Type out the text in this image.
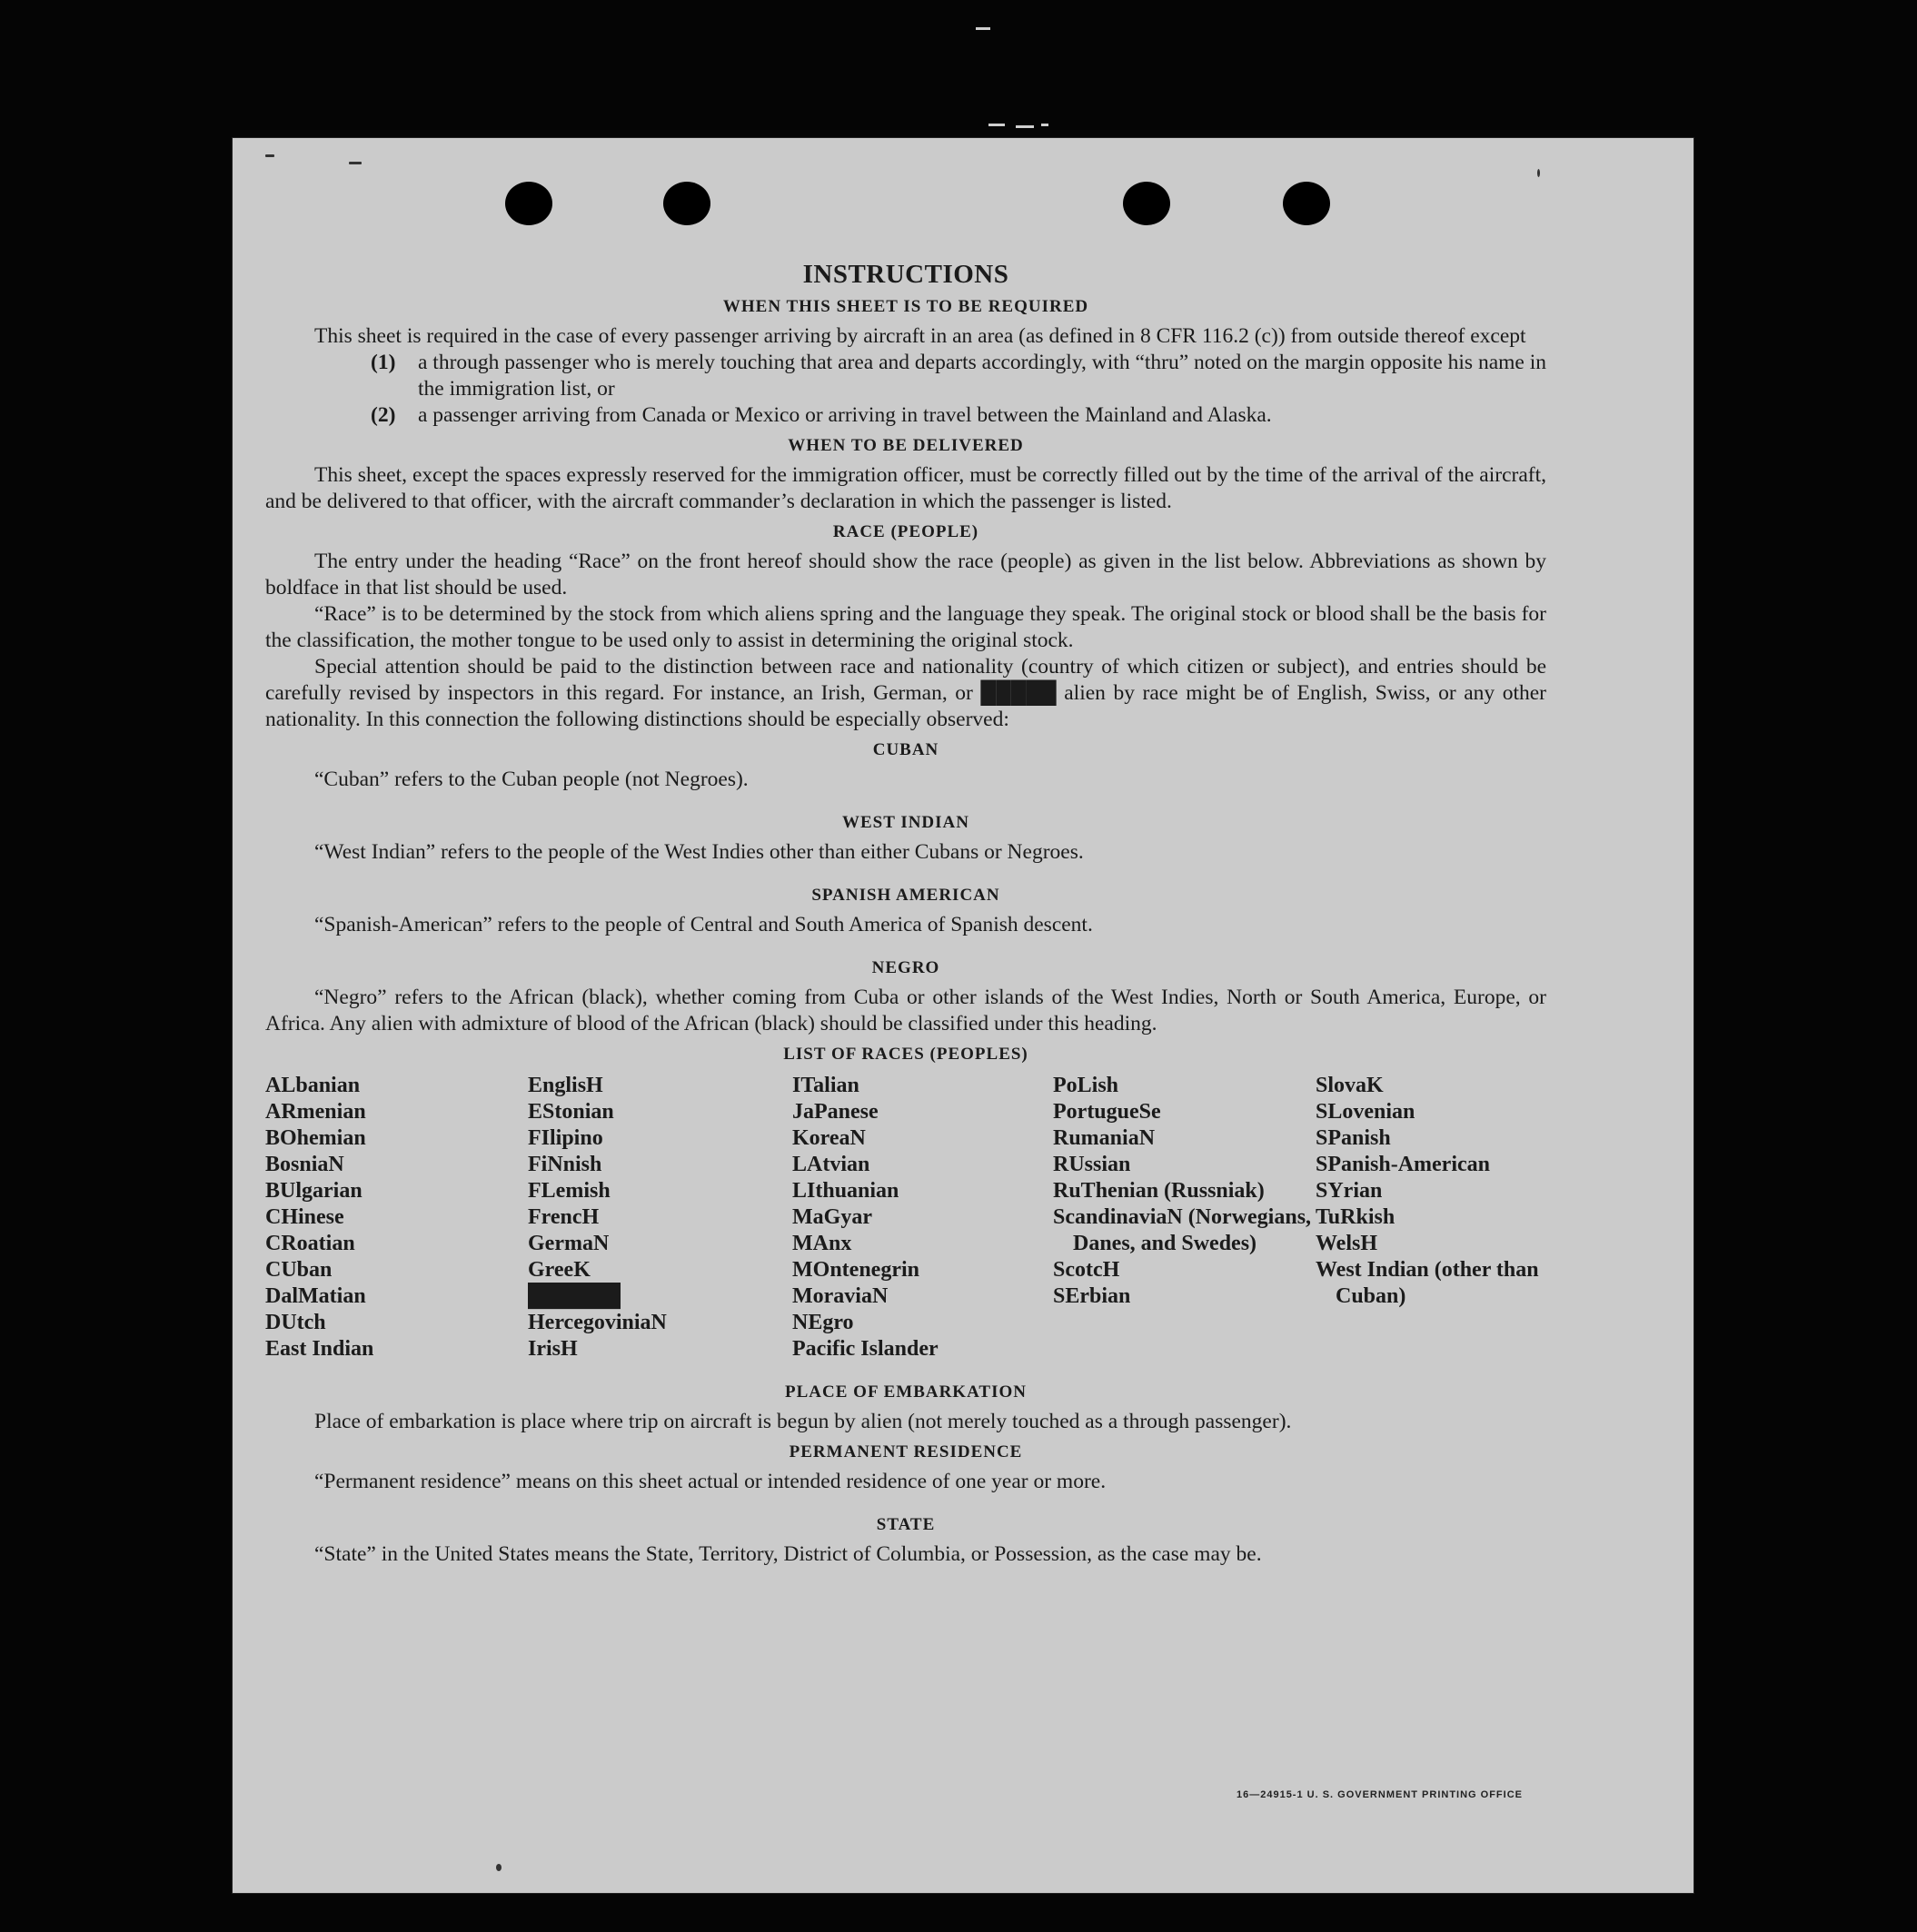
INSTRUCTIONS
WHEN THIS SHEET IS TO BE REQUIRED

This sheet is required in the case of every passenger arriving by aircraft in an area (as defined in 8 CFR 116.2 (c)) from outside thereof except

(1)	a through passenger who is merely touching that area and departs accordingly, with “thru” noted on the margin opposite his name in the immigration list, or
(2)	a passenger arriving from Canada or Mexico or arriving in travel between the Mainland and Alaska.
WHEN TO BE DELIVERED

This sheet, except the spaces expressly reserved for the immigration officer, must be correctly filled out by the time of the arrival of the aircraft, and be delivered to that officer, with the aircraft commander’s declaration in which the passenger is listed.

RACE (PEOPLE)

The entry under the heading “Race” on the front hereof should show the race (people) as given in the list below. Abbreviations as shown by boldface in that list should be used.

“Race” is to be determined by the stock from which aliens spring and the language they speak. The original stock or blood shall be the basis for the classification, the mother tongue to be used only to assist in determining the original stock.

Special attention should be paid to the distinction between race and nationality (country of which citizen or subject), and entries should be carefully revised by inspectors in this regard. For instance, an Irish, German, or █████ alien by race might be of English, Swiss, or any other nationality. In this connection the following distinctions should be especially observed:

CUBAN

“Cuban” refers to the Cuban people (not Negroes).

WEST INDIAN

“West Indian” refers to the people of the West Indies other than either Cubans or Negroes.

SPANISH AMERICAN

“Spanish-American” refers to the people of Central and South America of Spanish descent.

NEGRO

“Negro” refers to the African (black), whether coming from Cuba or other islands of the West Indies, North or South America, Europe, or Africa. Any alien with admixture of blood of the African (black) should be classified under this heading.

LIST OF RACES (PEOPLES)
ALbanian
ARmenian
BOhemian
BosniaN
BUlgarian
CHinese
CRoatian
CUban
DalMatian
DUtch
East Indian
EnglisH
EStonian
FIlipino
FiNnish
FLemish
FrencH
GermaN
GreeK
██████
HercegoviniaN
IrisH
ITalian
JaPanese
KoreaN
LAtvian
LIthuanian
MaGyar
MAnx
MOntenegrin
MoraviaN
NEgro
Pacific Islander
PoLish
PortugueSe
RumaniaN
RUssian
RuThenian (Russniak)
ScandinaviaN (Norwegians, Danes, and Swedes)
ScotcH
SErbian
SlovaK
SLovenian
SPanish
SPanish-American
SYrian
TuRkish
WelsH
West Indian (other than Cuban)
PLACE OF EMBARKATION

Place of embarkation is place where trip on aircraft is begun by alien (not merely touched as a through passenger).

PERMANENT RESIDENCE

“Permanent residence” means on this sheet actual or intended residence of one year or more.

STATE

“State” in the United States means the State, Territory, District of Columbia, or Possession, as the case may be.

16—24915-1 U. S. GOVERNMENT PRINTING OFFICE
